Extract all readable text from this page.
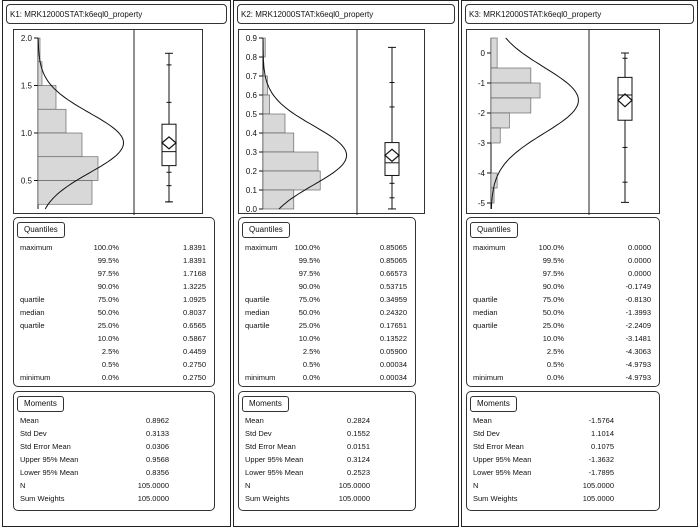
K1: MRK12000STAT:k6eql0_property
0.5
1.0
1.5
2.0
Quantiles
maximum	100.0%	1.8391
99.5%	1.8391
97.5%	1.7168
90.0%	1.3225
quartile	75.0%	1.0925
median	50.0%	0.8037
quartile	25.0%	0.6565
10.0%	0.5867
2.5%	0.4459
0.5%	0.2750
minimum	0.0%	0.2750
Moments
Mean	0.8962
Std Dev	0.3133
Std Error Mean	0.0306
Upper 95% Mean	0.9568
Lower 95% Mean	0.8356
N	105.0000
Sum Weights	105.0000
K2: MRK12000STAT:k6eql0_property
0.0
0.1
0.2
0.3
0.4
0.5
0.6
0.7
0.8
0.9
Quantiles
maximum 100.0%	0.85065
99.5%	0.85065
97.5%	0.66573
90.0%	0.53715
quartile	75.0%	0.34959
median	50.0%	0.24320
quartile	25.0%	0.17651
10.0%	0.13522
2.5%	0.05900
0.5%	0.00034
minimum	0.0%	0.00034
Moments
Mean	0.2824
Std Dev	0.1552
Std Error Mean	0.0151
Upper 95% Mean	0.3124
Lower 95% Mean	0.2523
N	105.0000
Sum Weights	105.0000
K3: MRK12000STAT:k6eql0_property
0
-1
-2
-3
-4
-5
Quantiles
maximum	100.0%	0.0000
99.5%	0.0000
97.5%	0.0000
90.0%	-0.1749
quartile	75.0%	-0.8130
median	50.0%	-1.3993
quartile	25.0%	-2.2409
10.0%	-3.1481
2.5%	-4.3063
0.5%	-4.9793
minimum	0.0%	-4.9793
Moments
Mean	-1.5764
Std Dev	1.1014
Std Error Mean	0.1075
Upper 95% Mean	-1.3632
Lower 95% Mean	-1.7895
N	105.0000
Sum Weights	105.0000
